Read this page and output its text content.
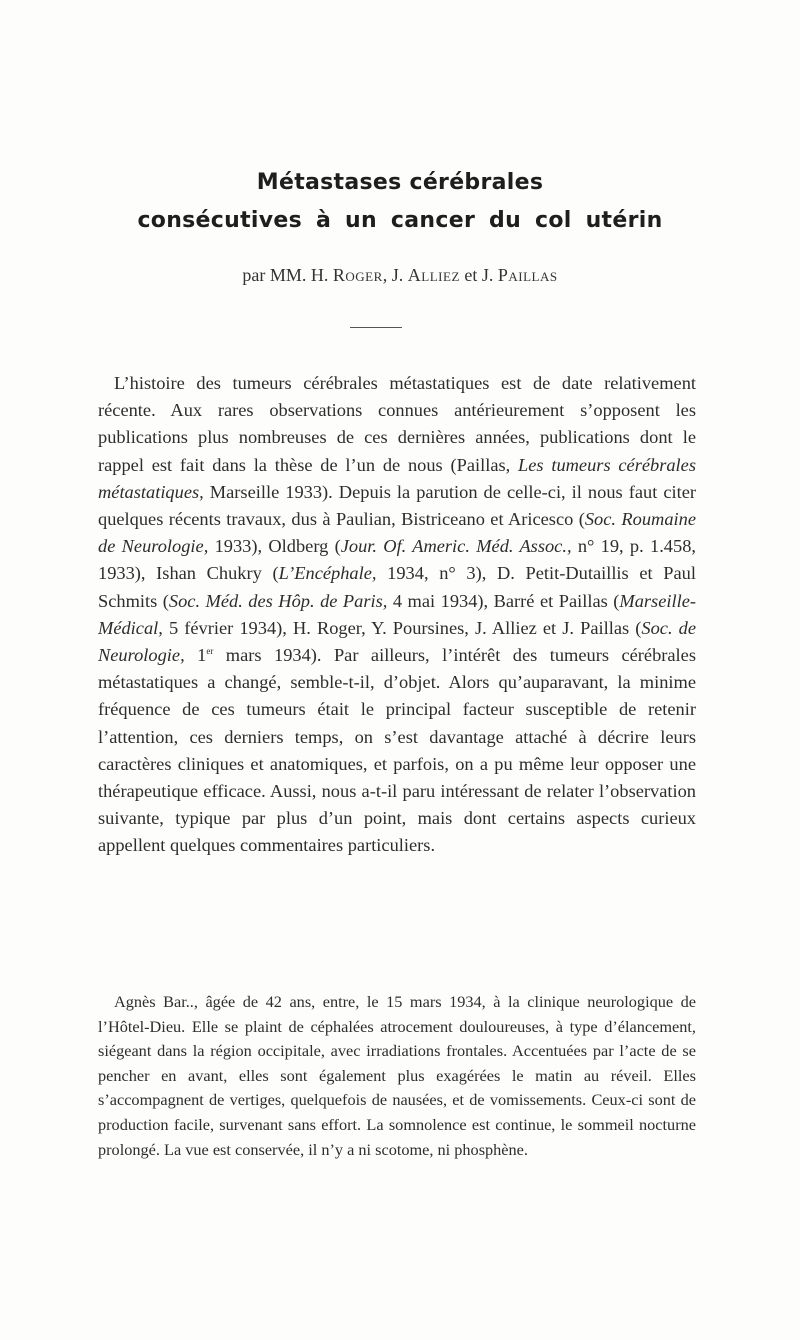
Métastases cérébrales
consécutives à un cancer du col utérin
par MM. H. Roger, J. Alliez et J. Paillas

L’histoire des tumeurs cérébrales métastatiques est de date relativement récente. Aux rares observations connues antérieurement s’opposent les publications plus nombreuses de ces dernières années, publications dont le rappel est fait dans la thèse de l’un de nous (Paillas, Les tumeurs cérébrales métastatiques, Marseille 1933). Depuis la parution de celle-ci, il nous faut citer quelques récents travaux, dus à Paulian, Bistriceano et Aricesco (Soc. Roumaine de Neurologie, 1933), Oldberg (Jour. Of. Americ. Méd. Assoc., n° 19, p. 1.458, 1933), Ishan Chukry (L’Encéphale, 1934, n° 3), D. Petit-Dutaillis et Paul Schmits (Soc. Méd. des Hôp. de Paris, 4 mai 1934), Barré et Paillas (Marseille-Médical, 5 février 1934), H. Roger, Y. Poursines, J. Alliez et J. Paillas (Soc. de Neurologie, 1er mars 1934). Par ailleurs, l’intérêt des tumeurs cérébrales métastatiques a changé, semble-t-il, d’objet. Alors qu’auparavant, la minime fréquence de ces tumeurs était le principal facteur susceptible de retenir l’attention, ces derniers temps, on s’est davantage attaché à décrire leurs caractères cliniques et anatomiques, et parfois, on a pu même leur opposer une thérapeutique efficace. Aussi, nous a-t-il paru intéressant de relater l’observation suivante, typique par plus d’un point, mais dont certains aspects curieux appellent quelques commentaires particuliers.

Agnès Bar.., âgée de 42 ans, entre, le 15 mars 1934, à la clinique neurologique de l’Hôtel-Dieu. Elle se plaint de céphalées atrocement douloureuses, à type d’élancement, siégeant dans la région occipitale, avec irradiations frontales. Accentuées par l’acte de se pencher en avant, elles sont également plus exagérées le matin au réveil. Elles s’accompagnent de vertiges, quelquefois de nausées, et de vomissements. Ceux-ci sont de production facile, survenant sans effort. La somnolence est continue, le sommeil nocturne prolongé. La vue est conservée, il n’y a ni scotome, ni phosphène.
